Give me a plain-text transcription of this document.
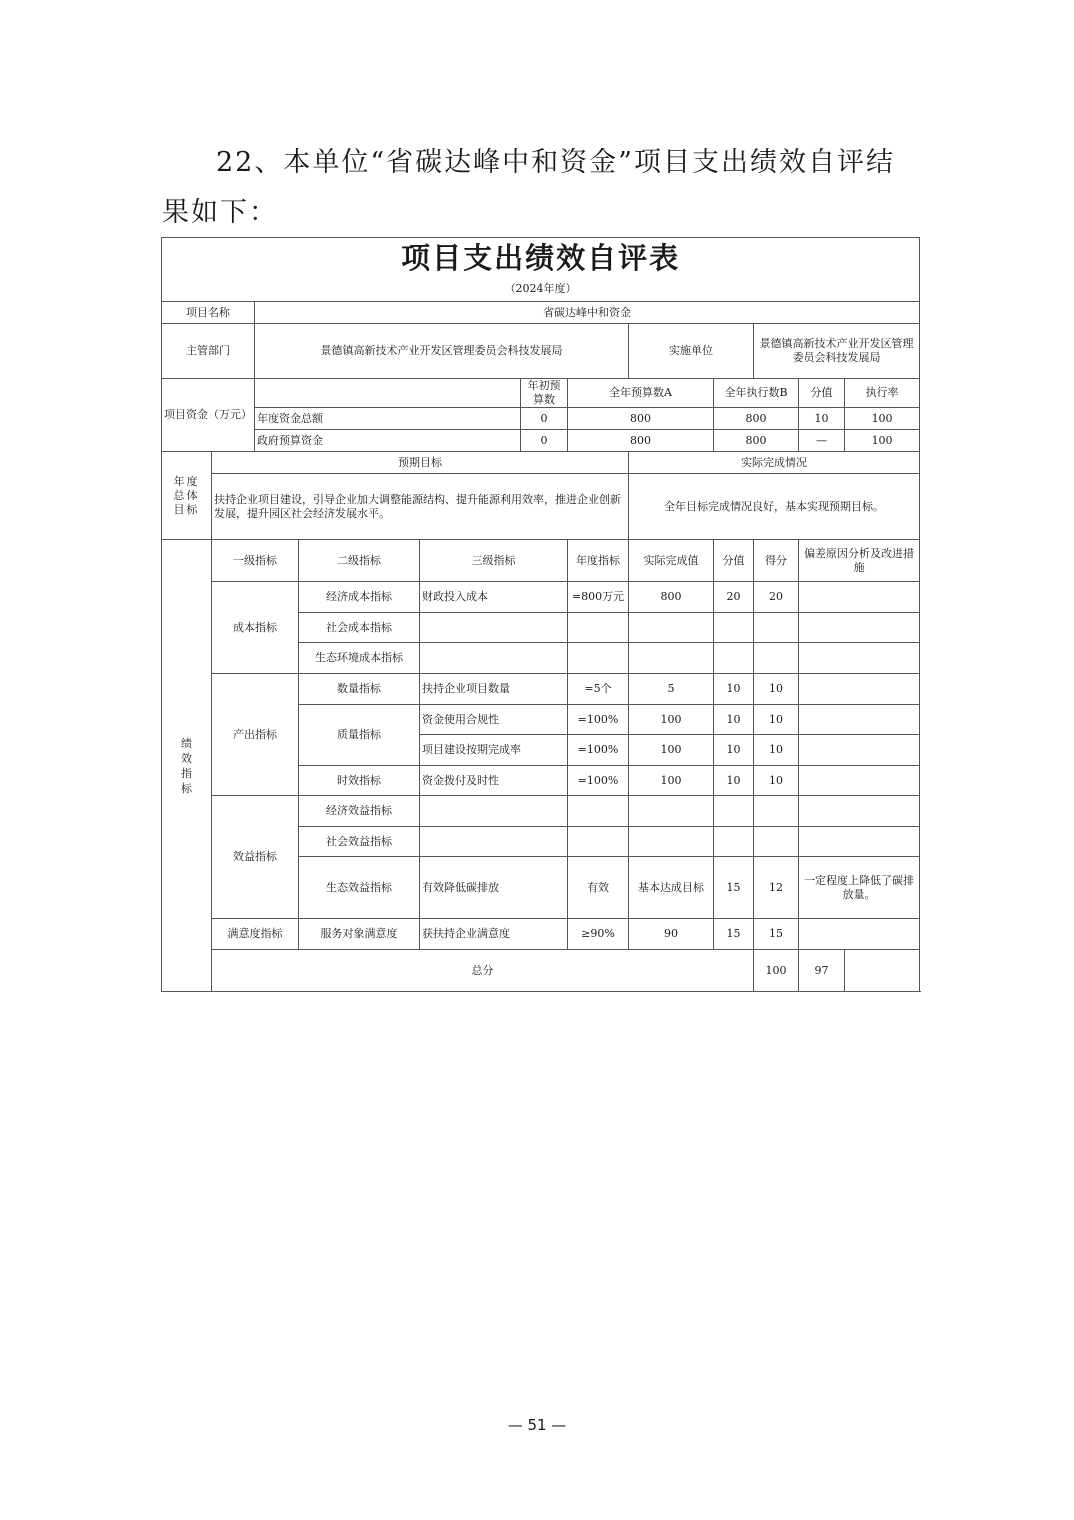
22、本单位“省碳达峰中和资金”项目支出绩效自评结
果如下：
项目支出绩效自评表												
（2024年度）												
项目名称		省碳达峰中和资金										
主管部门		景德镇高新技术产业开发区管理委员会科技发展局					实施单位		景德镇高新技术产业开发区管理委员会科技发展局			
项目资金（万元）					年初预算数	全年预算数A		全年执行数B		分值	执行率	
		年度资金总额			0	800		800		10	100	
		政府预算资金			0	800		800		—	100	

年度总体目标	预期目标						实际完成情况					
	扶持企业项目建设，引导企业加大调整能源结构、提升能源利用效率，推进企业创新发展，提升园区社会经济发展水平。						全年目标完成情况良好，基本实现预期目标。					

绩效指标	一级指标		二级指标	三级指标		年度指标	实际完成值	分值	得分	偏差原因分析及改进措施		
	成本指标		经济成本指标	财政投入成本		=800万元	800	20	20			
			社会成本指标									
			生态环境成本指标									
	产出指标		数量指标	扶持企业项目数量		=5个	5	10	10			
			质量指标	资金使用合规性		=100%	100	10	10			
				项目建设按期完成率		=100%	100	10	10			
			时效指标	资金拨付及时性		=100%	100	10	10			
	效益指标		经济效益指标									
			社会效益指标									
			生态效益指标	有效降低碳排放		有效	基本达成目标	15	12	一定程度上降低了碳排放量。		
	满意度指标		服务对象满意度	获扶持企业满意度		≥90%	90	15	15			
	总分								100	97		
— 51 —
